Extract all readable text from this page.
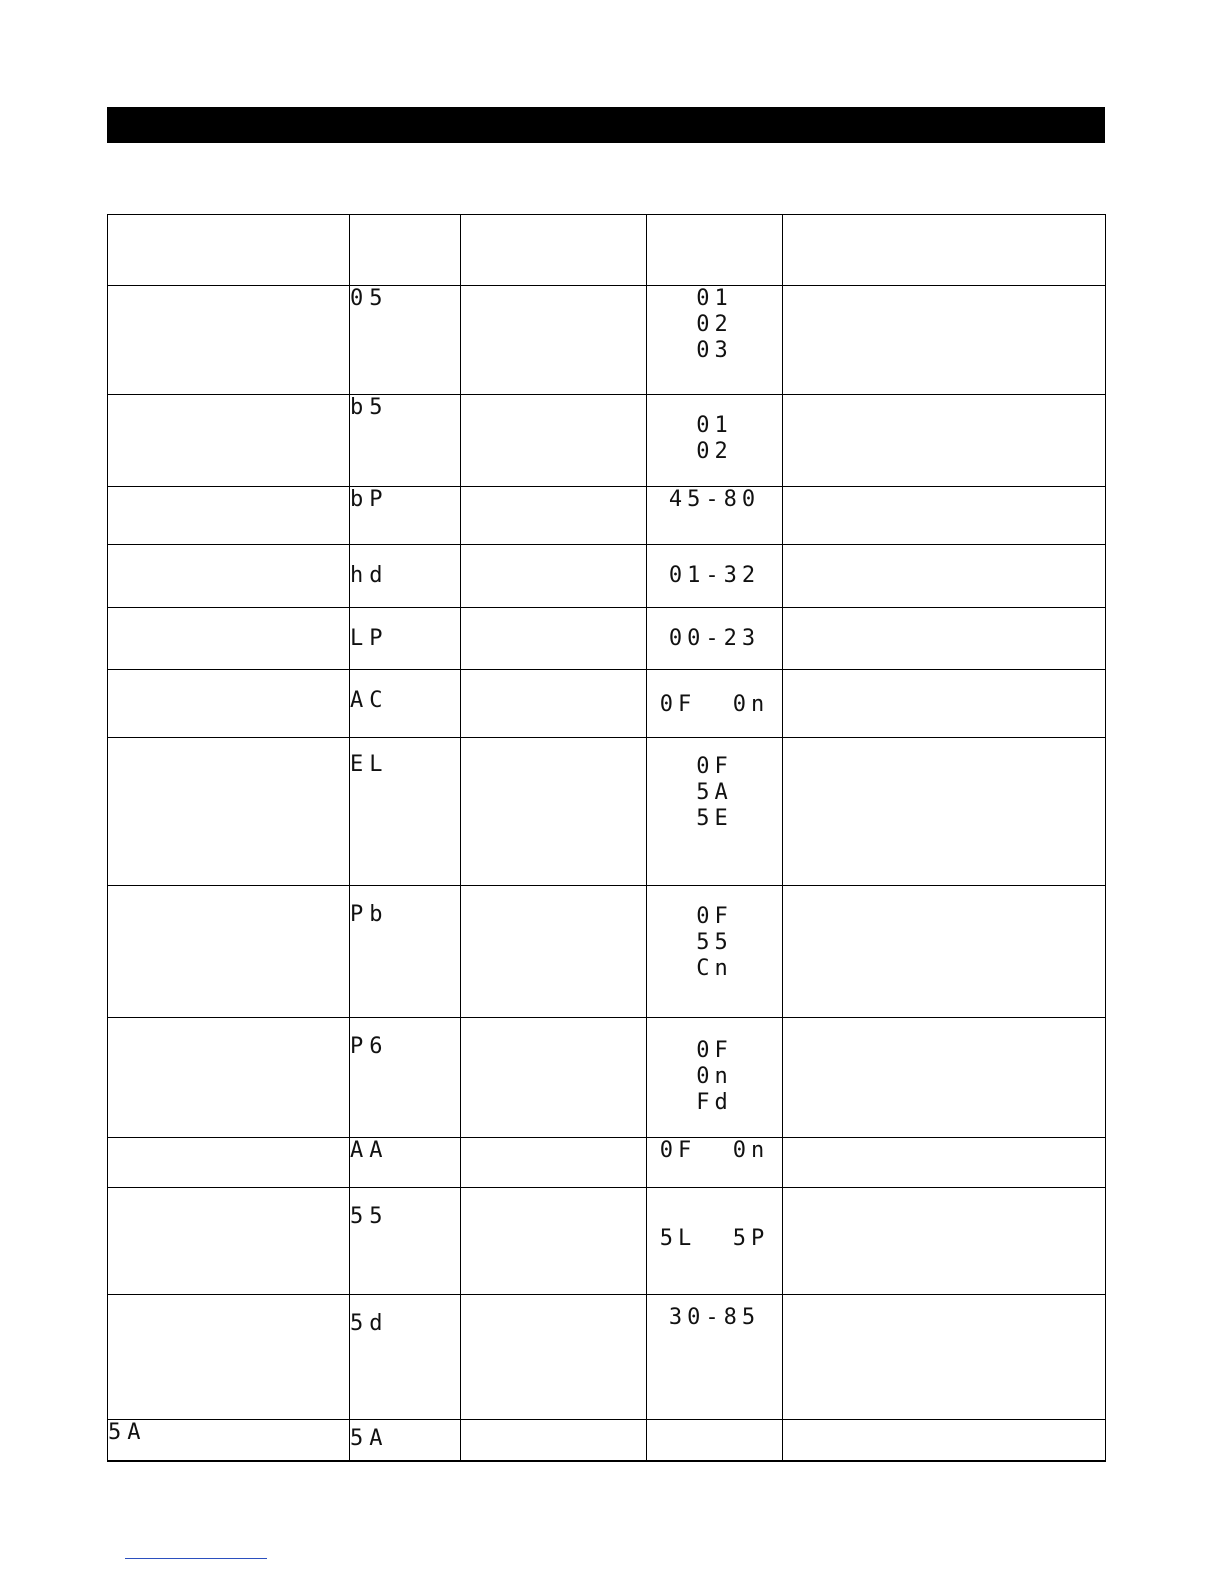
	05		01
02
03	

	b5		01
02	

	bP		45-80	

	hd		01-32	

	LP		00-23	

	AC		0F  0n	

	EL		0F
5A
5E	

	Pb		0F
55
Cn	

	P6		0F
0n
Fd	

	AA		0F  0n	

	55		5L  5P	

	5d		30-85	

5A	5A			
